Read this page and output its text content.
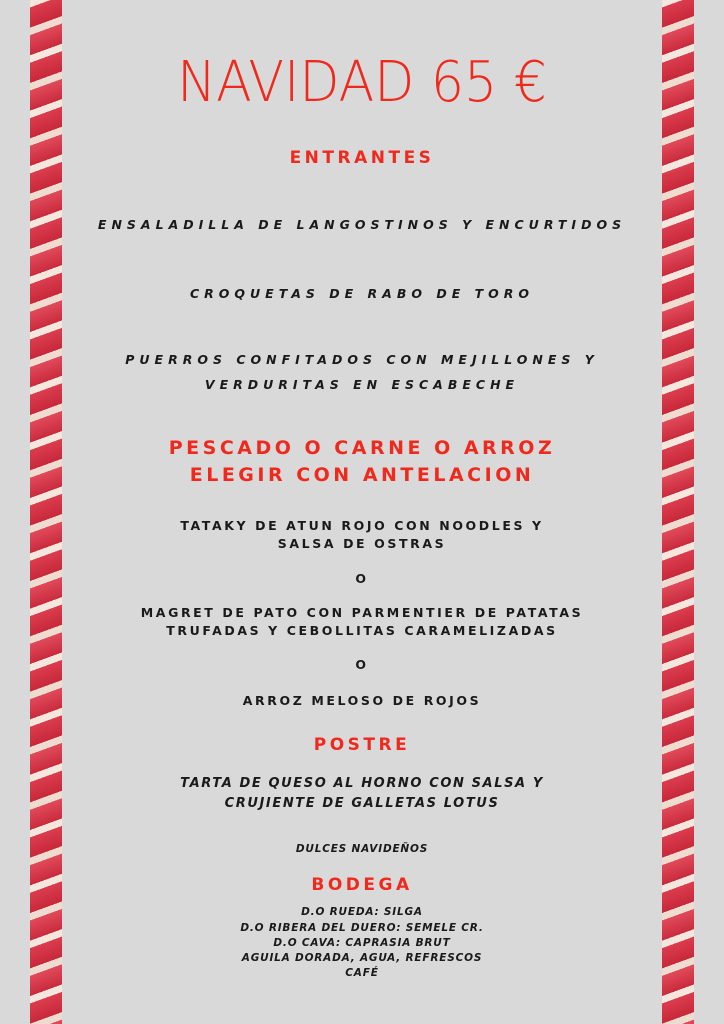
NAVIDAD 65 €
ENTRANTES
ENSALADILLA DE LANGOSTINOS Y ENCURTIDOS
CROQUETAS DE RABO DE TORO
PUERROS CONFITADOS CON MEJILLONES Y
VERDURITAS EN ESCABECHE
PESCADO O CARNE O ARROZ
ELEGIR CON ANTELACION
TATAKY DE ATUN ROJO CON NOODLES Y
SALSA DE OSTRAS
O
MAGRET DE PATO CON PARMENTIER DE PATATAS
TRUFADAS Y CEBOLLITAS CARAMELIZADAS
O
ARROZ MELOSO DE ROJOS
POSTRE
TARTA DE QUESO AL HORNO CON SALSA Y
CRUJIENTE DE GALLETAS LOTUS
DULCES NAVIDEÑOS
BODEGA
D.O RUEDA: SILGA
D.O RIBERA DEL DUERO: SEMELE CR.
D.O CAVA: CAPRASIA BRUT
AGUILA DORADA, AGUA, REFRESCOS
CAFÉ
